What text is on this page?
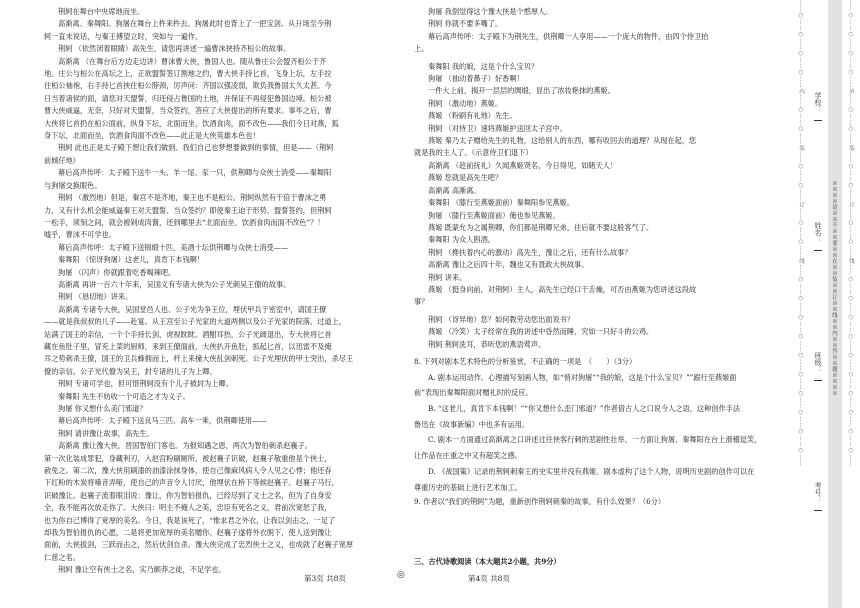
荆轲在舞台中央席地而坐。
高渐离、秦舞阳。狗屠在舞台上杵来杵去。狗屠此时也背上了一把宝剑。从升场至今荆
轲一直未说话，与秦王傅望立时，突如与一遍作。
荆轲 （依然闭着眼睛）高先生，请您再讲述一遍曹沫挟持齐桓公的故事。
高渐离 （在舞台后方边走边讲）曹沫曹大侠，鲁国人也。随从鲁庄公会盟齐桓公于齐
地。庄公与桓公在高坛之上，正欲盟誓签订割地之约，曹大侠手持匕首，飞身上坛，左手拉
住桓公袖袍，右手持匕首挟住桓公脖颈，厉声问：齐国以强凌弱，欺负我鲁国太久太甚。今
日当着诸侯的面，请您对天盟誓，归还侵占鲁国的土地，并保证不再侵犯鲁国边境。桓公被
曹大侠威逼，无奈，只好对天盟誓，当众签约，答应了大侠提出的所有要求。事毕之后，曹
大侠将匕首扔在桓公面前，纵身下坛，北面而坐，饮酒食肉，面不改色——我们今日对燕，狐
身下坛，北面而坐，饮酒食肉面不改色——此正是大侠英雄本色也！
荆轲 此也正是太子殿下想让我们做到、我们自己也梦想要做到的事情，但是——（荆轲
前倾仔地）
幕后高声传呼：太子殿下送牛一头、羊一尾、豕一只，供荆卿与众侠士消受——秦舞阳
与狗屠交换眼色。
荆轲 （激烈地）但是，秦宫不是齐地，秦王也不是桓公。荆轲纵然有干倍于曹沫之勇
力，又有什么机会能威逼秦王对天盟誓、当众签约？即使秦王迫于形势，盟誓签约，但荆轲
一松手，须刻之间，就会被剁成肉酱，还到哪里去“北面而坐、饮酒食肉而面不改色”？！
嘘乎，曹沫不可学也。
幕后高声传呼：太子殿下送锦缎十匹、美酒十坛供荆卿与众侠士消受——
秦舞阳 （惊讶狗屠）这老儿，真肯下本钱啊！
狗屠 （闪声）你就跟着吃香喝辣吧。
高渐离 再讲一百六十年来，吴国义有专诸大侠为公子光刺吴王僚的故事。
荆轲 （恳切地）讲来。
高渐离 专诸专大侠，吴国堂邑人也。公子光为争王位，埋伏甲兵于密室中，请国王僚
——就是我叔叔的儿子——赴宴。从王宫至公子光家的大道两侧以及公子光家的院落、过道上，
站满了国王的亲信，一个个手持长剑，虎视眈眈。酒酣耳热，公子光阔退出，专大侠将匕首
藏在鱼肚子里，冒充上菜的厨师，来到王僚面前，大侠扒开鱼肚，抓起匕首，以迅雷不及掩
耳之势刺杀王僚，国王的卫兵蜂拥而上，杆上来撞大侠乱剑刺死。公子光埋伏的甲士突出，杀尽王
僚的亲信。公子光代僚为吴王，封专诸的儿子为上卿。
荆轲 专诸可学也，但可惜荆轲没有个儿子被封为上卿。
秦舞阳 先生不妨收一个可造之才为义子。
狗屠 你又想什么美门邪道？
幕后高声传呼：太子殿下送良马三匹、高车一乘，供荆卿使用——
荆轲 请讲豫让故事，高先生。
高渐离 豫让豫大侠，晋国智伯门客也。为报知遇之恩，两次为智伯刺杀赵襄子。
第一次化装成罪犯，身藏利刃，入赵宫粉刷厕所，被赵襄子识破，赵襄子敬重他是个侠士，
赦免之。第二次，豫大侠用刷漆的油漆涂抹身体，使自己像麻风病人令人见之心悸；他还吞
下红粉的木炭将嗓音弄哑，使自己的声音令人讨厌，他埋伏在桥下等候赵襄子。赵襄子马行，
识破豫让。赵襄子流着眼泪说：豫让，你为智伯报仇，已经尽到了义士之名，但为了自身安
全，我不能再次放走你了。大侠曰：明主不掩人之美，忠臣有死名之义，君前次宽恕了我，
也为你自己博得了宽厚的美名。今日，我是该死了，“惟求君之外衣，让我以剑击之，一足了
却我为智伯报仇的心愿，二是将更加宽厚的美名赠你。赵襄子遂将外衣脱下，使人送到豫让
面前，大侠拔剑，三跃而击之，然后伏剑自杀。豫大侠完成了忠烈侠士之义，也成就了赵襄子宽厚
仁慈之名。
荆轲 豫让空有侠士之名，实乃颇莽之徒，不足学也。
狗屠 我倒觉得这个豫大侠是个憨厚人。
荆轲 你就不要多嘴了。
幕后高声传呼：太子殿下为荆先生，供荆卿一人享用——一个庞大的物件，由四个侍卫抬
上。
秦舞阳 我的娘，这是个什么宝贝？
狗屠 （抽动着鼻子）好香啊！
一件大上前，揭开一层层的绸缎，显出了浓妆艳抹的燕姬。
荆轲 （激动地）燕姬。
燕姬 （粉刷有礼地）先生。
荆轲 （对侍卫）速将燕姬护送回太子宫中。
燕姬 秦乃太子赠给先生的礼物，这给别人的东西，哪有收回去的道理？从现在起，您
就是我的主人了。（示意侍卫们退下）
高渐离 （趁前抚礼）久闻燕姬贤名，今日得见，如睹天人！
燕姬 您就是高先生吧？
高渐离 高渐离。
秦舞阳 （膝行至燕姬面前）秦舞阳参见燕姬。
狗屠 （膝行至燕姬面前）俺也参见燕姬。
燕姬 既蒙允为之属荆卿，你们都是荆卿兄弟，往后就不要这般客气了。
秦舞阳 为众人斟酒。
荆轲 （搀扶着内心的激动）高先生，豫让之后，还有什么故事？
高渐离 豫让之后四十年，魏也又有聂政大侠故事。
荆轲 讲来。
燕姬 （挺身向前，对荆轲）主人，高先生已经口干舌燥，可否由燕姬为您讲述这段故
事？
荆轲 （讶异地）您？如何教劳动您出面说书？
燕姬 （冷笑）太子经常在我的讲述中昏然而睡，究如一只好斗的公鸡。
荆轲 荆轲洗耳，恭听您的燕语莺声。
8. 下列对剧本艺术特色的分析鉴赏，不正确的一项是　（　　）（3分）
A. 剧本运用动作、心理描写刻画人物，如“悄对狗屠”“我的娘，这是个什么宝贝？””跟行至燕姬面
前”表现出秦舞阳面对赠礼时的反应。
B. “这老儿，真肯下本钱啊！”“你又想什么歪门邪道？”作者借古人之口说今人之语，这种创作手法
鲁迅在《故事新编》中也多有运用。
C. 剧本一方面通过高渐离之口讲述过往侠客行刺的悲剧性壮举，一方面让狗屠、秦舞阳在台上滑稽逗笑，
让作品在庄重之中又有超笑之感。
D. 《战国策》记录的荆轲刺秦王的史实里并没有燕姬。剧本虚构了这个人物，说明历史剧的创作可以在
尊重历史的基础上进行艺术加工。
9. 作者以“我们的荆轲”为题，重新创作荆轲刺秦的故事，有什么效果？（6分）
三、古代诗歌阅读（本大题共2小题，共9分）
第3页 共8页	◎	第4页 共8页
……○……○……○……○……内……○……○……装……○……○……订……○……○……线……○……○……○……○……○……○……○……○……○……○…… 学校：
姓名：
班级：
考号：
※※※※请※※不※※要※※在※※装※※订※※线※※内※※答※※题※※※※ ……○……○……○……○……外……○……○……装……○……○……订……○……○……线……○……○……○……○……○……○……○……○……○……○……
